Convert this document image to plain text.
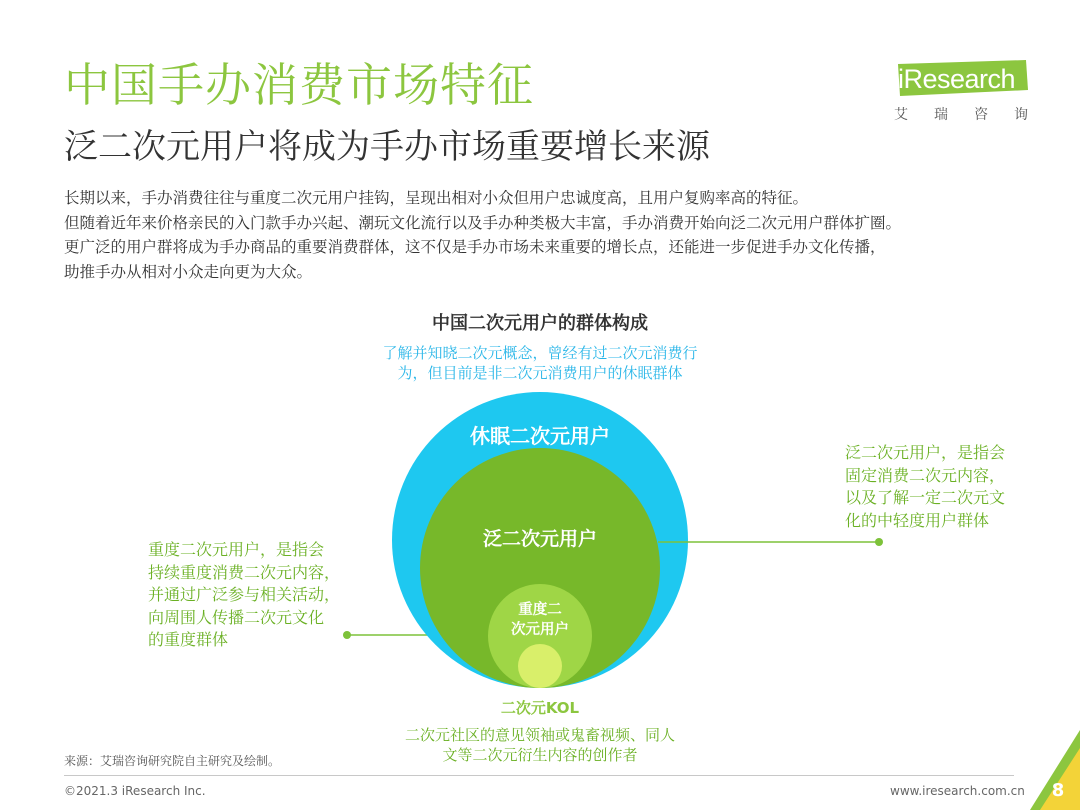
中国手办消费市场特征
泛二次元用户将成为手办市场重要增长来源
iResearch
艾 瑞 咨 询

长期以来，手办消费往往与重度二次元用户挂钩，呈现出相对小众但用户忠诚度高，且用户复购率高的特征。

但随着近年来价格亲民的入门款手办兴起、潮玩文化流行以及手办种类极大丰富，手办消费开始向泛二次元用户群体扩圈。

更广泛的用户群将成为手办商品的重要消费群体，这不仅是手办市场未来重要的增长点，还能进一步促进手办文化传播，

助推手办从相对小众走向更为大众。

中国二次元用户的群体构成
了解并知晓二次元概念，曾经有过二次元消费行
为，但目前是非二次元消费用户的休眠群体
休眠二次元用户
泛二次元用户
重度二
次元用户
二次元KOL
二次元社区的意见领袖或鬼畜视频、同人
文等二次元衍生内容的创作者

重度二次元用户，是指会

持续重度消费二次元内容，

并通过广泛参与相关活动，

向周围人传播二次元文化

的重度群体

泛二次元用户，是指会

固定消费二次元内容，

以及了解一定二次元文

化的中轻度用户群体

来源：艾瑞咨询研究院自主研究及绘制。
©2021.3 iResearch Inc.	www.iresearch.com.cn	8
